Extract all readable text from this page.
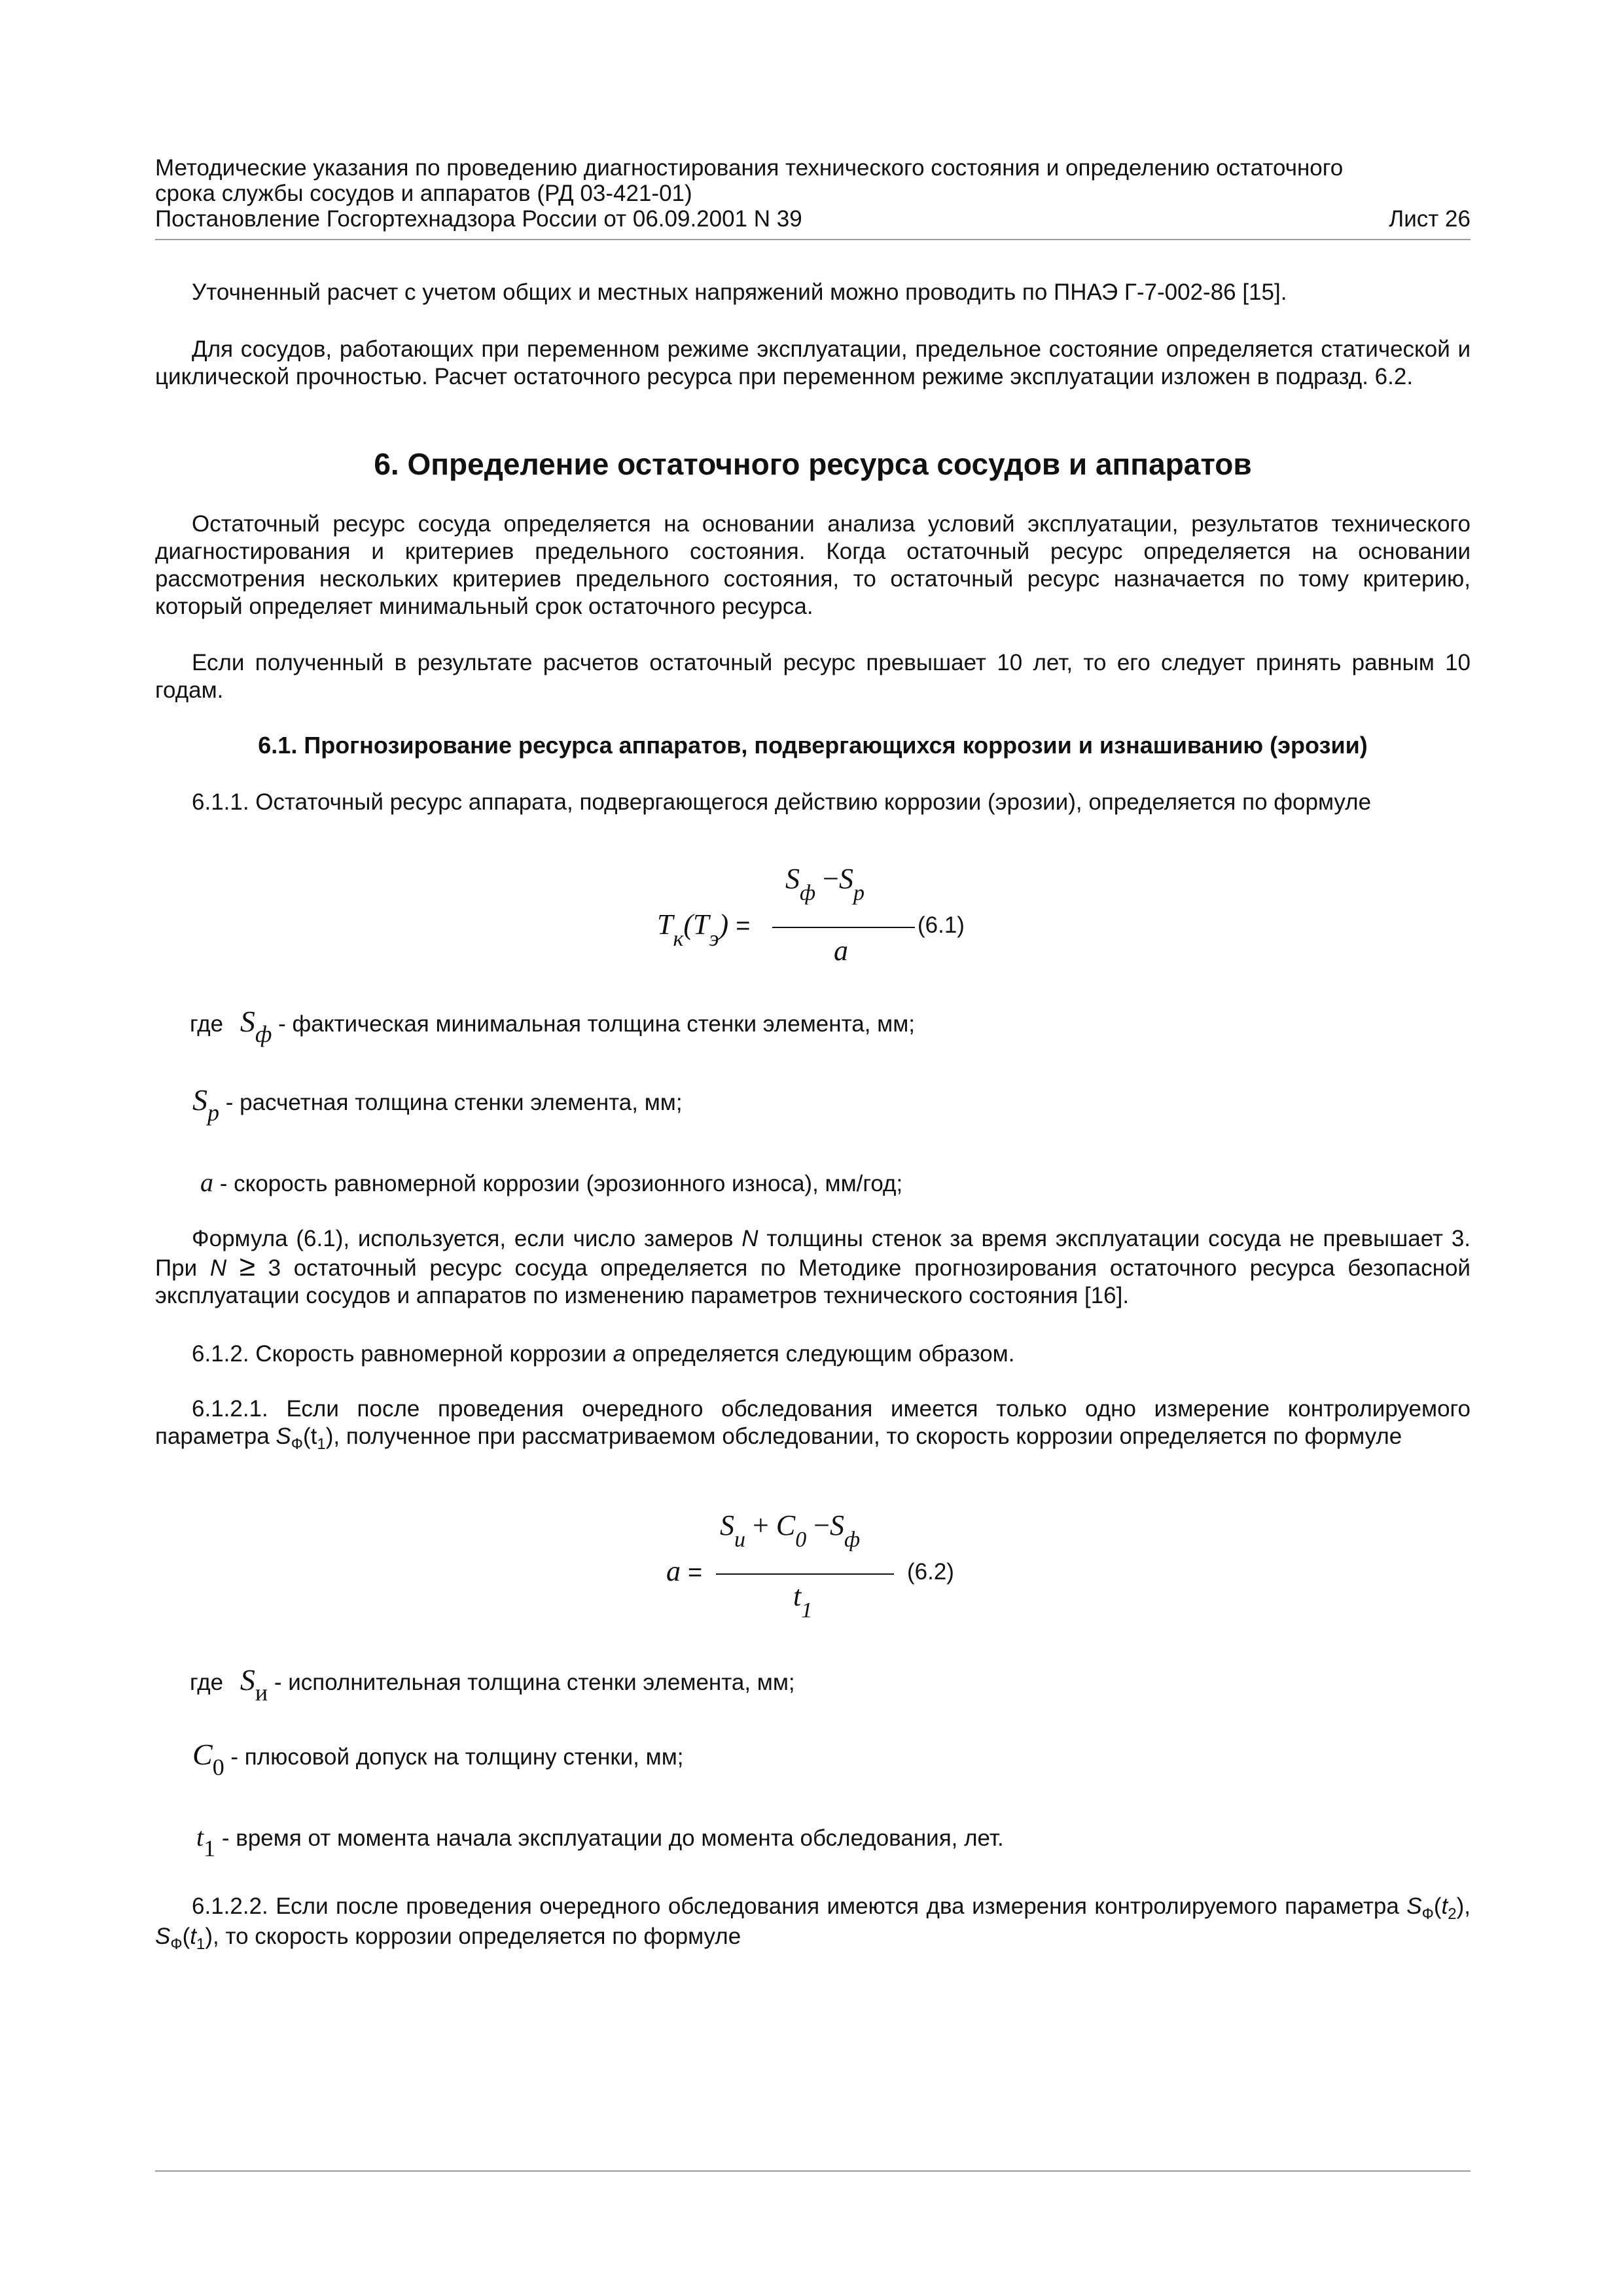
Методические указания по проведению диагностирования технического состояния и определению остаточного
срока службы сосудов и аппаратов (РД 03-421-01)
Постановление Госгортехнадзора России от 06.09.2001 N 39	Лист 26
Уточненный расчет с учетом общих и местных напряжений можно проводить по ПНАЭ Г-7-002-86 [15].
Для сосудов, работающих при переменном режиме эксплуатации, предельное состояние определяется статической и циклической прочностью. Расчет остаточного ресурса при переменном режиме эксплуатации изложен в подразд. 6.2.
6. Определение остаточного ресурса сосудов и аппаратов
Остаточный ресурс сосуда определяется на основании анализа условий эксплуатации, результатов технического диагностирования и критериев предельного состояния. Когда остаточный ресурс определяется на основании рассмотрения нескольких критериев предельного состояния, то остаточный ресурс назначается по тому критерию, который определяет минимальный срок остаточного ресурса.
Если полученный в результате расчетов остаточный ресурс превышает 10 лет, то его следует принять равным 10 годам.
6.1. Прогнозирование ресурса аппаратов, подвергающихся коррозии и изнашиванию (эрозии)
6.1.1. Остаточный ресурс аппарата, подвергающегося действию коррозии (эрозии), определяется по формуле
$T_к(T_э)$ =
$S_ф -S_р$
a
(6.1)
где Sф - фактическая минимальная толщина стенки элемента, мм;
Sр - расчетная толщина стенки элемента, мм;
a - скорость равномерной коррозии (эрозионного износа), мм/год;
Формула (6.1), используется, если число замеров N толщины стенок за время эксплуатации сосуда не превышает 3. При N ≥ 3 остаточный ресурс сосуда определяется по Методике прогнозирования остаточного ресурса безопасной эксплуатации сосудов и аппаратов по изменению параметров технического состояния [16].
6.1.2. Скорость равномерной коррозии a определяется следующим образом.
6.1.2.1. Если после проведения очередного обследования имеется только одно измерение контролируемого параметра $S_Ф(t_1)$, полученное при рассматриваемом обследовании, то скорость коррозии определяется по формуле
a =
$S_и + C_0 -S_ф$
$t_1$
(6.2)
где Sи - исполнительная толщина стенки элемента, мм;
C0 - плюсовой допуск на толщину стенки, мм;
t1 - время от момента начала эксплуатации до момента обследования, лет.
6.1.2.2. Если после проведения очередного обследования имеются два измерения контролируемого параметра $S_Ф(t_2)$, $S_Ф(t_1)$, то скорость коррозии определяется по формуле
